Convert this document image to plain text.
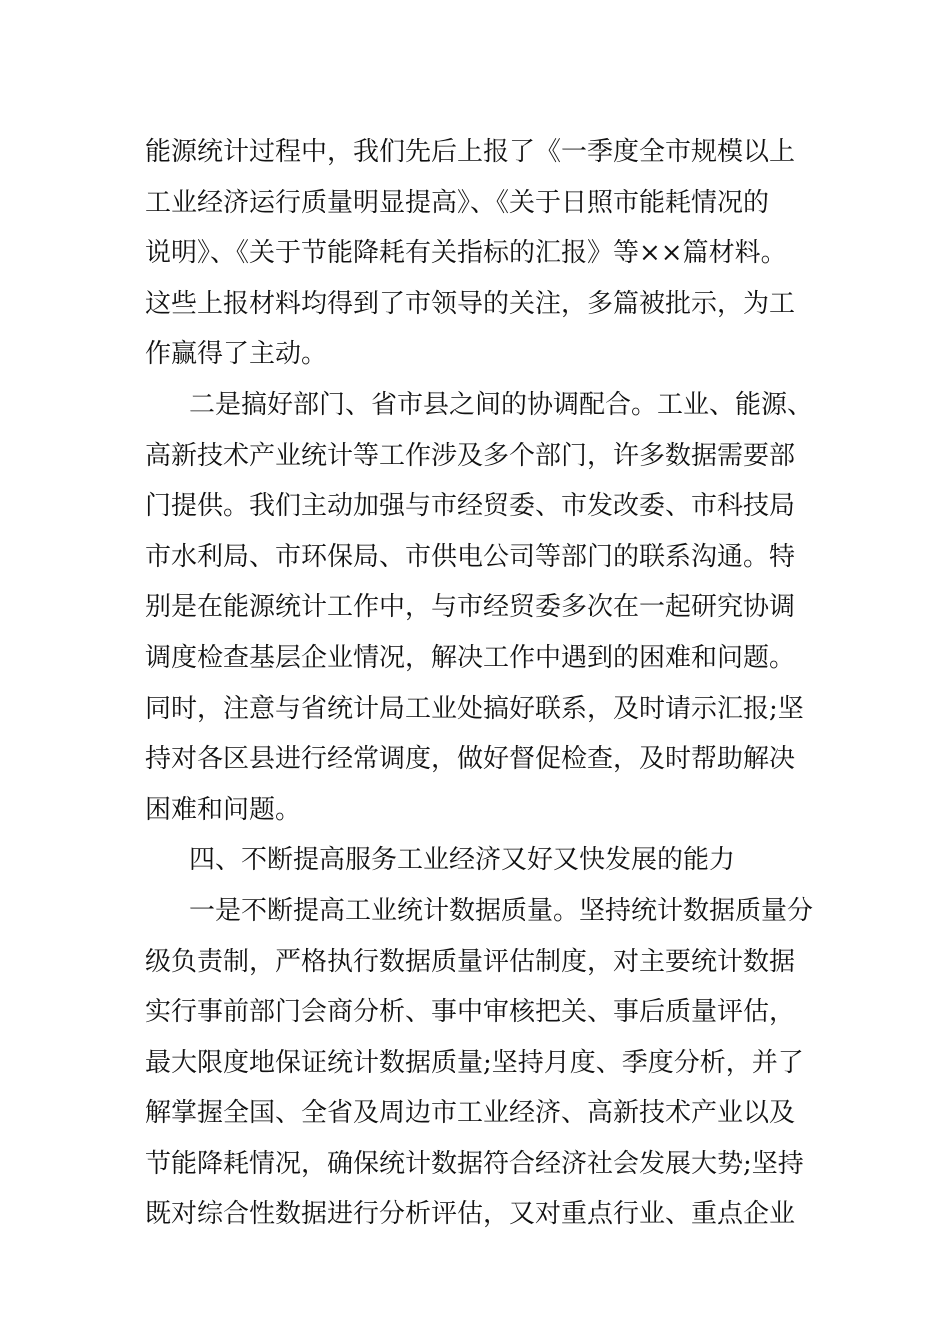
能源统计过程中，我们先后上报了《一季度全市规模以上
工业经济运行质量明显提高》、《关于日照市能耗情况的
说明》、《关于节能降耗有关指标的汇报》等××篇材料。
这些上报材料均得到了市领导的关注，多篇被批示，为工
作赢得了主动。

二是搞好部门、省市县之间的协调配合。工业、能源、
高新技术产业统计等工作涉及多个部门，许多数据需要部
门提供。我们主动加强与市经贸委、市发改委、市科技局
市水利局、市环保局、市供电公司等部门的联系沟通。特
别是在能源统计工作中，与市经贸委多次在一起研究协调
调度检查基层企业情况，解决工作中遇到的困难和问题。
同时，注意与省统计局工业处搞好联系，及时请示汇报;坚
持对各区县进行经常调度，做好督促检查，及时帮助解决
困难和问题。

四、不断提高服务工业经济又好又快发展的能力

一是不断提高工业统计数据质量。坚持统计数据质量分
级负责制，严格执行数据质量评估制度，对主要统计数据
实行事前部门会商分析、事中审核把关、事后质量评估，
最大限度地保证统计数据质量;坚持月度、季度分析，并了
解掌握全国、全省及周边市工业经济、高新技术产业以及
节能降耗情况，确保统计数据符合经济社会发展大势;坚持
既对综合性数据进行分析评估，又对重点行业、重点企业
